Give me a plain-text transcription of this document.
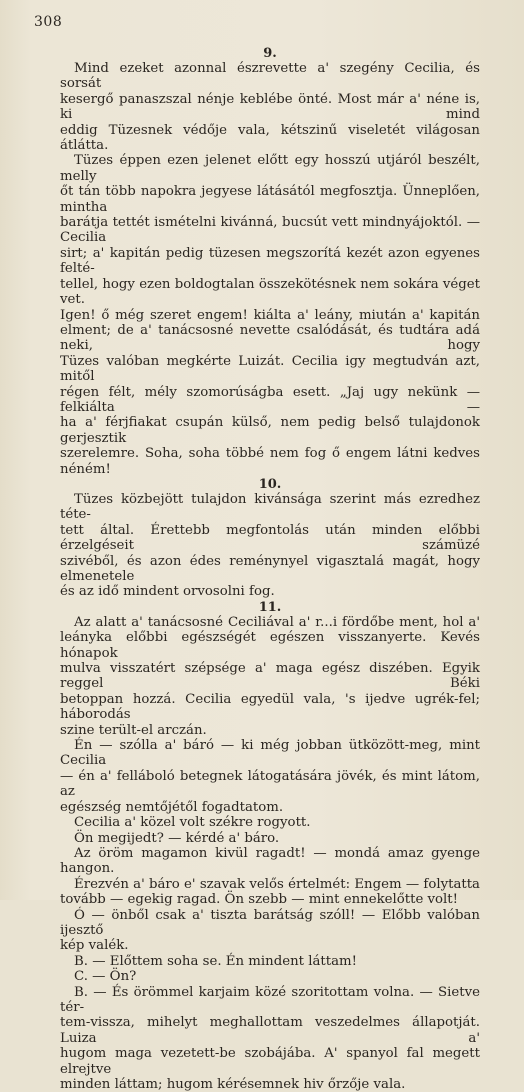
308

9.

Mind ezeket azonnal észrevette a' szegény Cecilia, és sorsát
kesergő panaszszal nénje keblébe önté. Most már a' néne is, ki mind
eddig Tüzesnek védője vala, kétszinű viseletét világosan átlátta.

Tüzes éppen ezen jelenet előtt egy hosszú utjáról beszélt, melly
őt tán több napokra jegyese látásától megfosztja. Ünneplően, mintha
barátja tettét ismételni kivánná, bucsút vett mindnyájoktól. — Cecilia
sirt; a' kapitán pedig tüzesen megszorítá kezét azon egyenes felté-
tellel, hogy ezen boldogtalan összekötésnek nem sokára véget vet.
Igen! ő még szeret engem! kiálta a' leány, miután a' kapitán
elment; de a' tanácsosné nevette csalódását, és tudtára adá neki, hogy
Tüzes valóban megkérte Luizát. Cecilia igy megtudván azt, mitől
régen félt, mély szomorúságba esett. „Jaj ugy nekünk — felkiálta —
ha a' férjfiakat csupán külső, nem pedig belső tulajdonok gerjesztik
szerelemre. Soha, soha többé nem fog ő engem látni kedves néném!

10.

Tüzes közbejött tulajdon kivánsága szerint más ezredhez téte-
tett által. Érettebb megfontolás után minden előbbi érzelgéseit számüzé
szivéből, és azon édes reménynyel vigasztalá magát, hogy elmenetele
és az idő mindent orvosolni fog.

11.

Az alatt a' tanácsosné Ceciliával a' r...i fördőbe ment, hol a'
leányka előbbi egészségét egészen visszanyerte. Kevés hónapok
mulva visszatért szépsége a' maga egész diszében. Egyik reggel Béki
betoppan hozzá. Cecilia egyedül vala, 's ijedve ugrék-fel; háborodás
szine terült-el arczán.

Én — szólla a' báró — ki még jobban ütközött-meg, mint Cecilia
— én a' felláboló betegnek látogatására jövék, és mint látom, az
egészség nemtőjétől fogadtatom.

Cecilia a' közel volt székre rogyott.

Ön megijedt? — kérdé a' báro.

Az öröm magamon kivül ragadt! — mondá amaz gyenge hangon.

Érezvén a' báro e' szavak velős értelmét: Engem — folytatta
tovább — egekig ragad. Ön szebb — mint ennekelőtte volt!

Ó — önből csak a' tiszta barátság szóll! — Előbb valóban ijesztő
kép valék.

B. — Előttem soha se. Én mindent láttam!

C. — Ön?

B. — És örömmel karjaim közé szoritottam volna. — Sietve tér-
tem-vissza, mihelyt meghallottam veszedelmes állapotját. Luiza a'
hugom maga vezetett-be szobájába. A' spanyol fal megett elrejtve
minden láttam; hugom kérésemnek hiv őrzője vala.
